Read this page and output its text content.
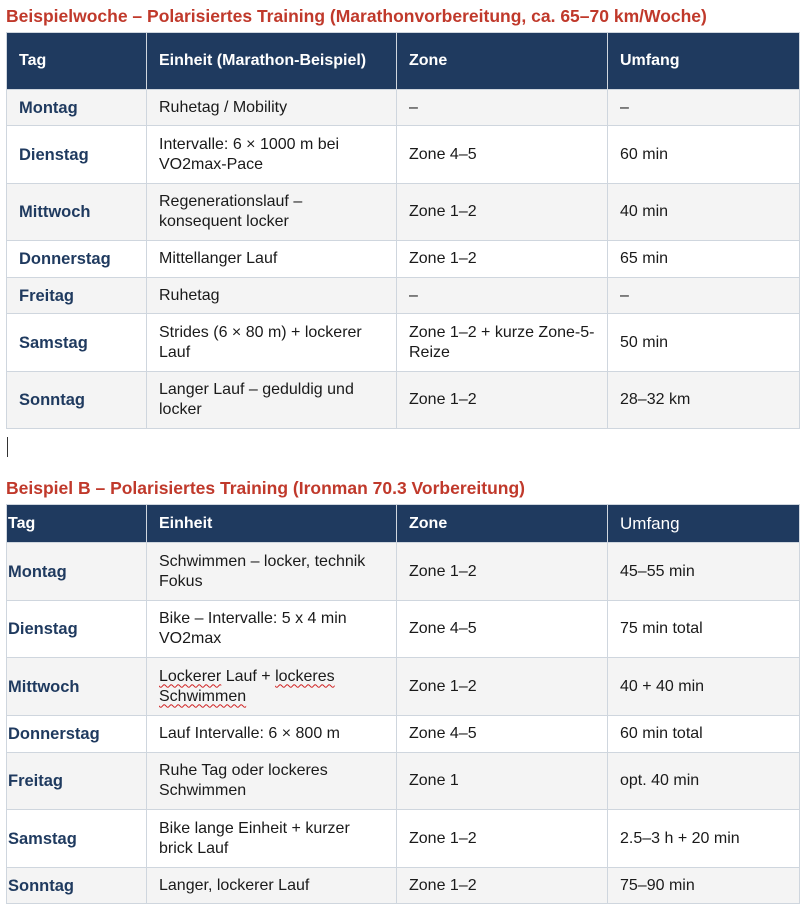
Beispielwoche – Polarisiertes Training (Marathonvorbereitung, ca. 65–70 km/Woche)
Tag	Einheit (Marathon-Beispiel)	Zone	Umfang
Montag	Ruhetag / Mobility	–	–
Dienstag	Intervalle: 6 × 1000 m bei VO2max-Pace	Zone 4–5	60 min
Mittwoch	Regenerationslauf – konsequent locker	Zone 1–2	40 min
Donnerstag	Mittellanger Lauf	Zone 1–2	65 min
Freitag	Ruhetag	–	–
Samstag	Strides (6 × 80 m) + lockerer Lauf	Zone 1–2 + kurze Zone-5-Reize	50 min
Sonntag	Langer Lauf – geduldig und locker	Zone 1–2	28–32 km
Beispiel B – Polarisiertes Training (Ironman 70.3 Vorbereitung)
Tag	Einheit	Zone	Umfang
Montag	Schwimmen – locker, technik Fokus	Zone 1–2	45–55 min
Dienstag	Bike – Intervalle: 5 x 4 min VO2max	Zone 4–5	75 min total
Mittwoch	Lockerer Lauf + lockeres Schwimmen	Zone 1–2	40 + 40 min
Donnerstag	Lauf Intervalle: 6 × 800 m	Zone 4–5	60 min total
Freitag	Ruhe Tag oder lockeres Schwimmen	Zone 1	opt. 40 min
Samstag	Bike lange Einheit + kurzer brick Lauf	Zone 1–2	2.5–3 h + 20 min
Sonntag	Langer, lockerer Lauf	Zone 1–2	75–90 min
